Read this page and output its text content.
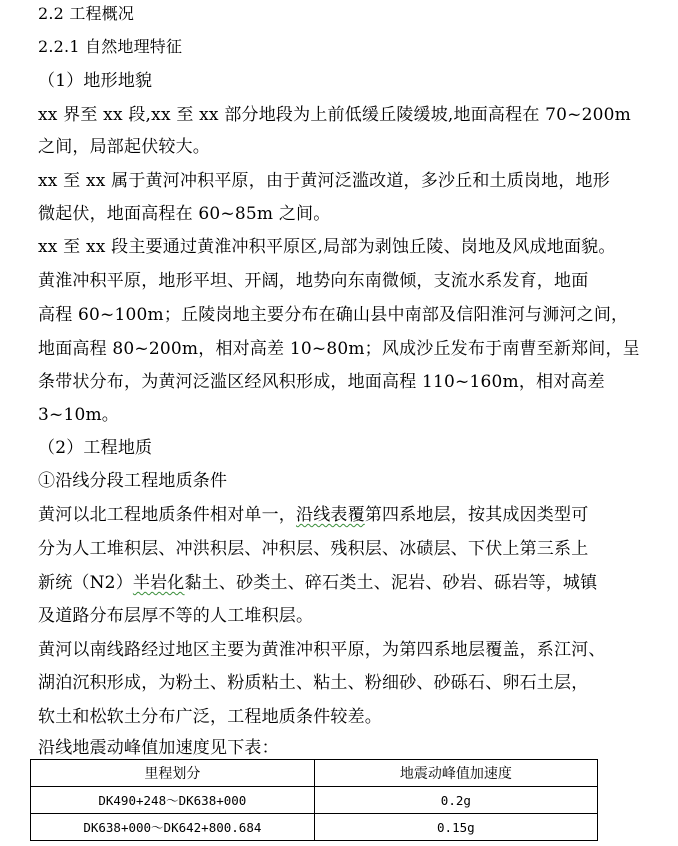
2.2 工程概况
2.2.1 自然地理特征
（1）地形地貌
xx 界至 xx 段,xx 至 xx 部分地段为上前低缓丘陵缓坡,地面高程在 70~200m
之间，局部起伏较大。
xx 至 xx 属于黄河冲积平原，由于黄河泛滥改道，多沙丘和土质岗地，地形
微起伏，地面高程在 60~85m 之间。
xx 至 xx 段主要通过黄淮冲积平原区,局部为剥蚀丘陵、岗地及风成地面貌。
黄淮冲积平原，地形平坦、开阔，地势向东南微倾，支流水系发育，地面
高程 60~100m；丘陵岗地主要分布在确山县中南部及信阳淮河与浉河之间，
地面高程 80~200m，相对高差 10~80m；风成沙丘发布于南曹至新郑间，呈
条带状分布，为黄河泛滥区经风积形成，地面高程 110~160m，相对高差
3~10m。
（2）工程地质
①沿线分段工程地质条件
黄河以北工程地质条件相对单一，沿线表覆第四系地层，按其成因类型可
分为人工堆积层、冲洪积层、冲积层、残积层、冰碛层、下伏上第三系上
新统（N2）半岩化黏土、砂类土、碎石类土、泥岩、砂岩、砾岩等，城镇
及道路分布层厚不等的人工堆积层。
黄河以南线路经过地区主要为黄淮冲积平原，为第四系地层覆盖，系江河、
湖泊沉积形成，为粉土、粉质粘土、粘土、粉细砂、砂砾石、卵石土层，
软土和松软土分布广泛，工程地质条件较差。
沿线地震动峰值加速度见下表：
里程划分	地震动峰值加速度
DK490+248～DK638+000	0.2g
DK638+000～DK642+800.684	0.15g
